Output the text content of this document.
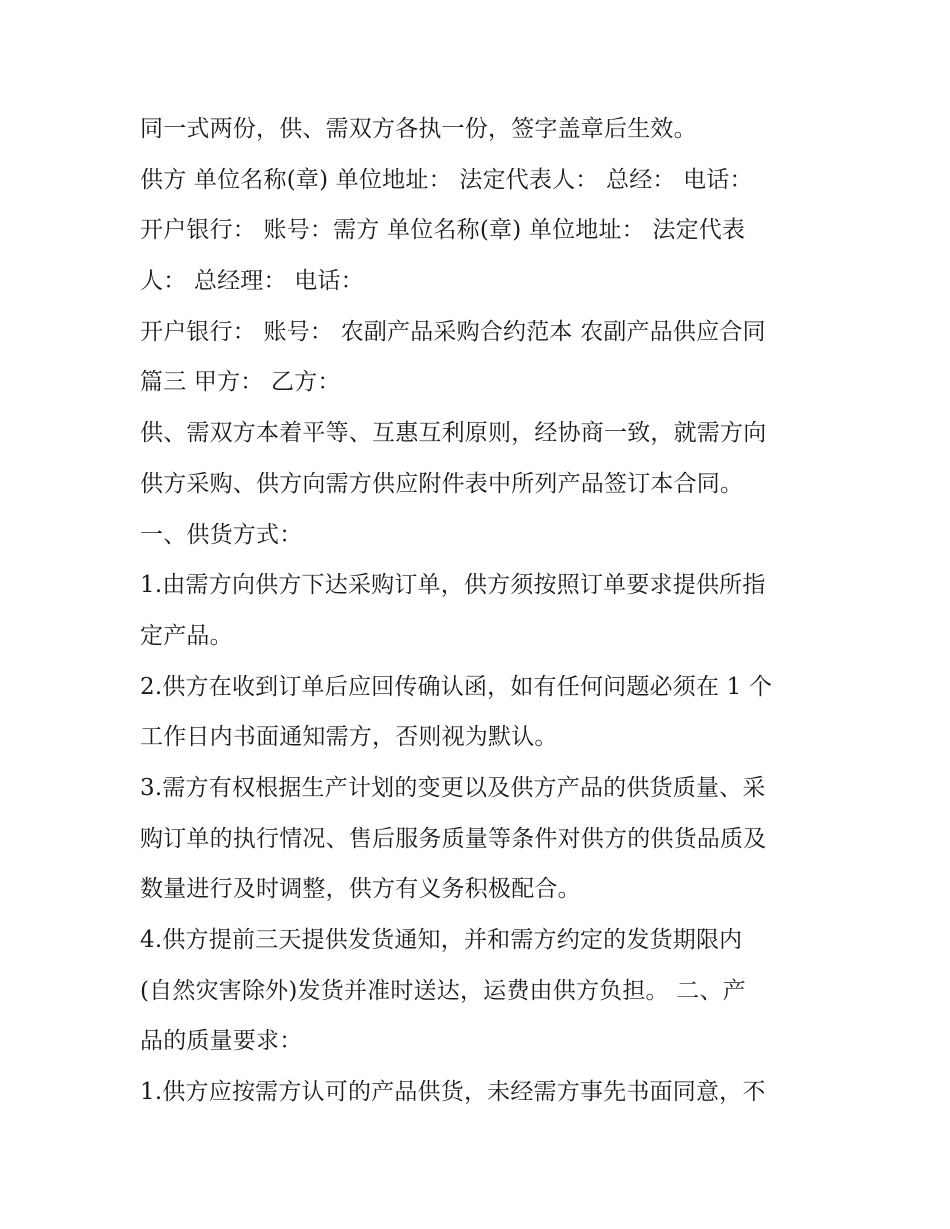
同一式两份，供、需双方各执一份，签字盖章后生效。
供方 单位名称(章) 单位地址： 法定代表人： 总经： 电话：
开户银行： 账号：需方 单位名称(章) 单位地址： 法定代表
人： 总经理： 电话：
开户银行： 账号： 农副产品采购合约范本 农副产品供应合同
篇三 甲方： 乙方：
供、需双方本着平等、互惠互利原则，经协商一致，就需方向
供方采购、供方向需方供应附件表中所列产品签订本合同。
一、供货方式：
1.由需方向供方下达采购订单，供方须按照订单要求提供所指
定产品。
2.供方在收到订单后应回传确认函，如有任何问题必须在 1 个
工作日内书面通知需方，否则视为默认。
3.需方有权根据生产计划的变更以及供方产品的供货质量、采
购订单的执行情况、售后服务质量等条件对供方的供货品质及
数量进行及时调整，供方有义务积极配合。
4.供方提前三天提供发货通知，并和需方约定的发货期限内
(自然灾害除外)发货并准时送达，运费由供方负担。 二、产
品的质量要求：
1.供方应按需方认可的产品供货，未经需方事先书面同意，不
